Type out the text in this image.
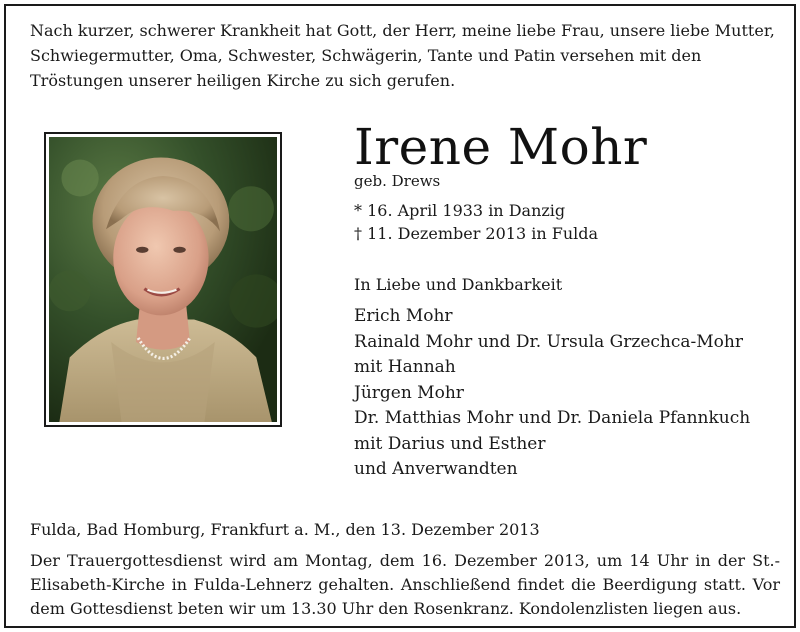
Nach kurzer, schwerer Krankheit hat Gott, der Herr, meine liebe Frau, unsere liebe Mutter, Schwiegermutter, Oma, Schwester, Schwägerin, Tante und Patin versehen mit den Tröstungen unserer heiligen Kirche zu sich gerufen.
Irene Mohr
geb. Drews
* 16. April 1933 in Danzig
† 11. Dezember 2013 in Fulda
In Liebe und Dankbarkeit
Erich Mohr
Rainald Mohr und Dr. Ursula Grzechca-Mohr
mit Hannah
Jürgen Mohr
Dr. Matthias Mohr und Dr. Daniela Pfannkuch
mit Darius und Esther
und Anverwandten
Fulda, Bad Homburg, Frankfurt a. M., den 13. Dezember 2013
Der Trauergottesdienst wird am Montag, dem 16. Dezember 2013, um 14 Uhr in der St.-Elisabeth-Kirche in Fulda-Lehnerz gehalten. Anschließend findet die Beerdigung statt. Vor dem Gottesdienst beten wir um 13.30 Uhr den Rosenkranz. Kondolenzlisten liegen aus.
